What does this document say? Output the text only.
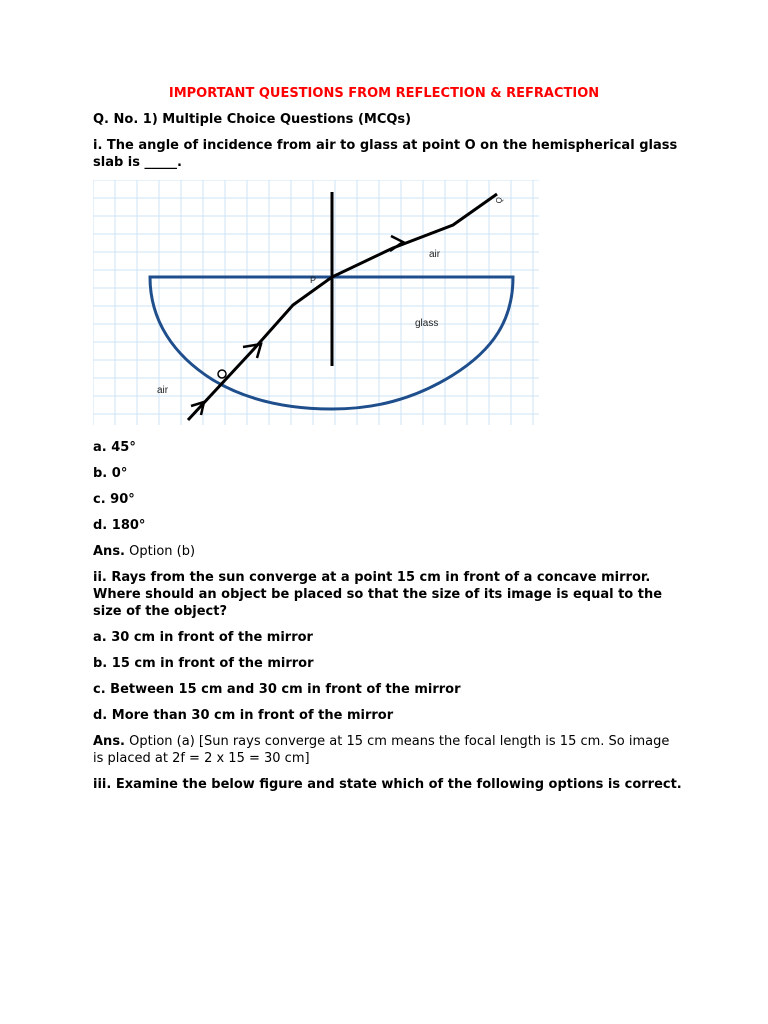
IMPORTANT QUESTIONS FROM REFLECTION & REFRACTION
Q. No. 1) Multiple Choice Questions (MCQs)
i. The angle of incidence from air to glass at point O on the hemispherical glass slab is _____.
air
glass
air
P
Q
a. 45°
b. 0°
c. 90°
d. 180°
Ans. Option (b)
ii. Rays from the sun converge at a point 15 cm in front of a concave mirror. Where should an object be placed so that the size of its image is equal to the size of the object?
a. 30 cm in front of the mirror
b. 15 cm in front of the mirror
c. Between 15 cm and 30 cm in front of the mirror
d. More than 30 cm in front of the mirror
Ans. Option (a) [Sun rays converge at 15 cm means the focal length is 15 cm. So image is placed at 2f = 2 x 15 = 30 cm]
iii. Examine the below figure and state which of the following options is correct.
